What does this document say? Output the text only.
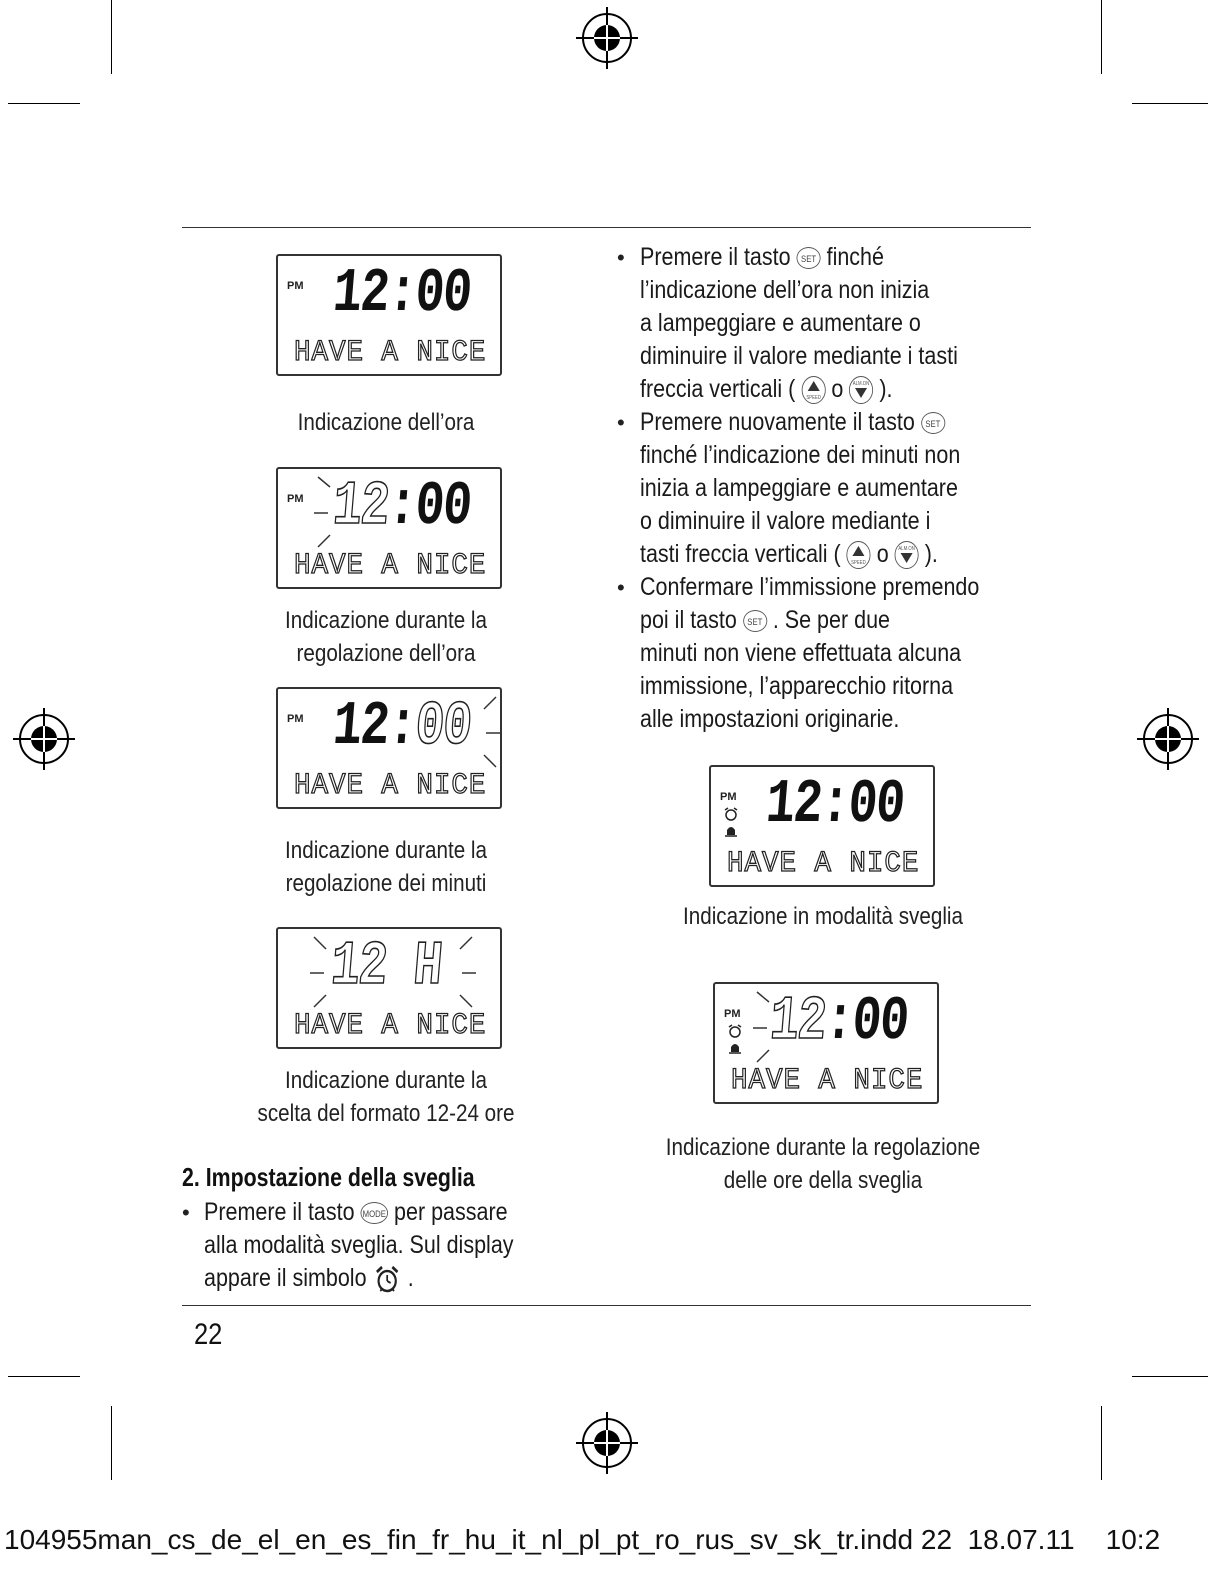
PM 12:00
HAVE A NICE
Indicazione dell’ora
PM 12:00
HAVE A NICE
Indicazione durante la
regolazione dell’ora
PM 12:00
HAVE A NICE
Indicazione durante la
regolazione dei minuti
12 H
HAVE A NICE
Indicazione durante la
scelta del formato 12-24 ore
2. Impostazione della sveglia
• Premere il tasto MODE per passare
alla modalità sveglia. Sul display
appare il simbolo .
• Premere il tasto SET finché
l’indicazione dell’ora non inizia
a lampeggiare e aumentare o
diminuire il valore mediante i tasti
freccia verticali ( SPEED o ALM.ON ).
• Premere nuovamente il tasto SET
finché l’indicazione dei minuti non
inizia a lampeggiare e aumentare
o diminuire il valore mediante i
tasti freccia verticali ( SPEED o ALM.ON ).
• Confermare l’immissione premendo
poi il tasto SET . Se per due
minuti non viene effettuata alcuna
immissione, l’apparecchio ritorna
alle impostazioni originarie.
PM 12:00
HAVE A NICE
Indicazione in modalità sveglia
PM 12:00
HAVE A NICE
Indicazione durante la regolazione
delle ore della sveglia
22
104955man_cs_de_el_en_es_fin_fr_hu_it_nl_pl_pt_ro_rus_sv_sk_tr.indd 22 18.07.11 10:2
